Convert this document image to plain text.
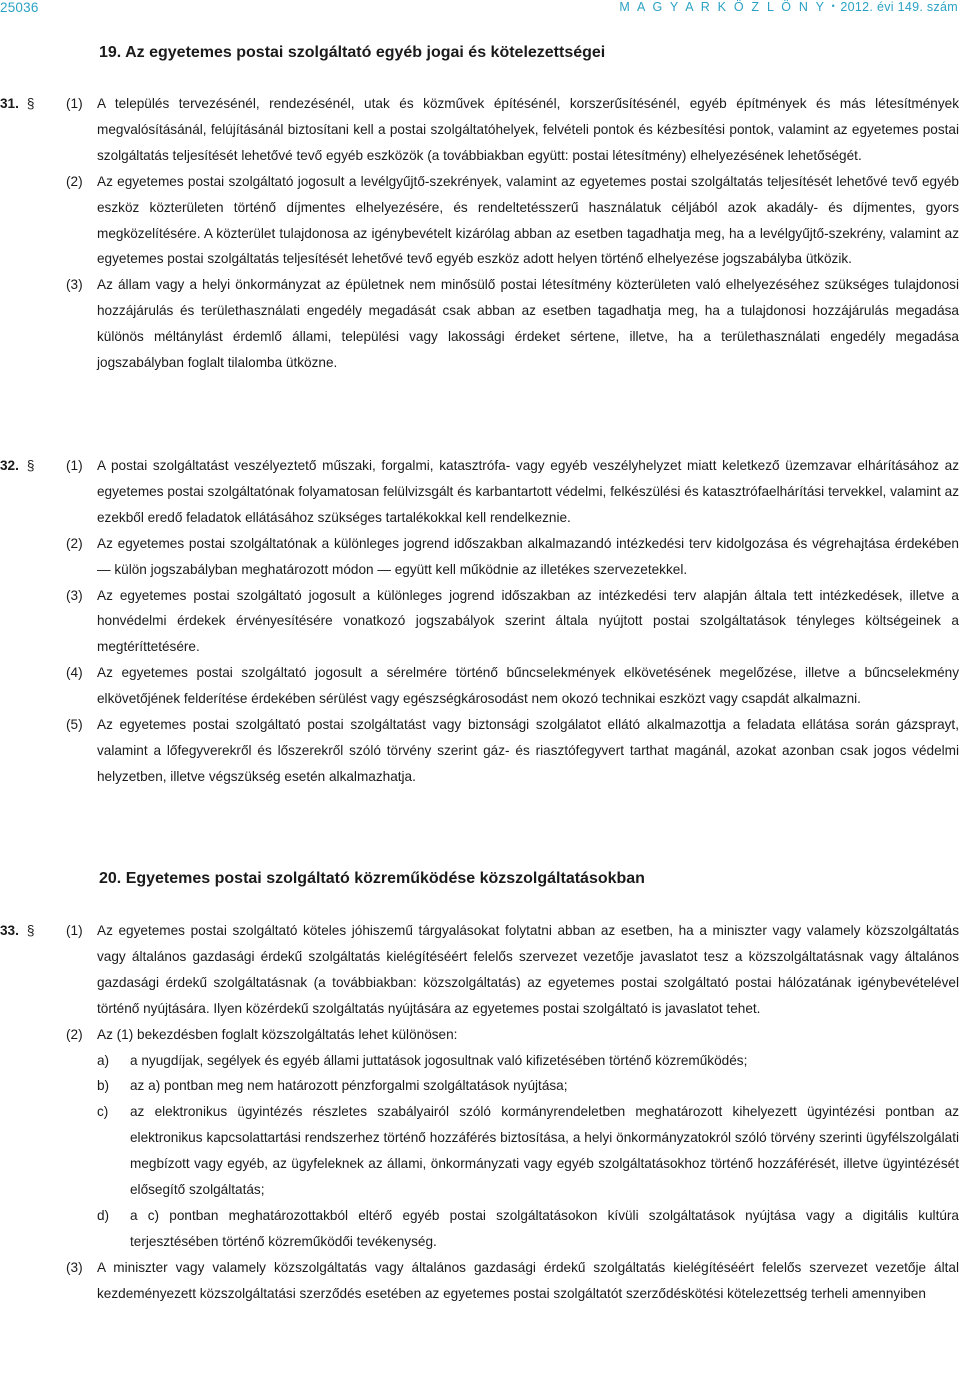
25036	M A G Y A R K Ö Z L Ö N Y • 2012. évi 149. szám
19. Az egyetemes postai szolgáltató egyéb jogai és kötelezettségei
31. § (1) A település tervezésénél, rendezésénél, utak és közművek építésénél, korszerűsítésénél, egyéb építmények és más létesítmények megvalósításánál, felújításánál biztosítani kell a postai szolgáltatóhelyek, felvételi pontok és kézbesítési pontok, valamint az egyetemes postai szolgáltatás teljesítését lehetővé tevő egyéb eszközök (a továbbiakban együtt: postai létesítmény) elhelyezésének lehetőségét.
(2) Az egyetemes postai szolgáltató jogosult a levélgyűjtő-szekrények, valamint az egyetemes postai szolgáltatás teljesítését lehetővé tevő egyéb eszköz közterületen történő díjmentes elhelyezésére, és rendeltetésszerű használatuk céljából azok akadály- és díjmentes, gyors megközelítésére. A közterület tulajdonosa az igénybevételt kizárólag abban az esetben tagadhatja meg, ha a levélgyűjtő-szekrény, valamint az egyetemes postai szolgáltatás teljesítését lehetővé tevő egyéb eszköz adott helyen történő elhelyezése jogszabályba ütközik.
(3) Az állam vagy a helyi önkormányzat az épületnek nem minősülő postai létesítmény közterületen való elhelyezéséhez szükséges tulajdonosi hozzájárulás és területhasználati engedély megadását csak abban az esetben tagadhatja meg, ha a tulajdonosi hozzájárulás megadása különös méltánylást érdemlő állami, települési vagy lakossági érdeket sértene, illetve, ha a területhasználati engedély megadása jogszabályban foglalt tilalomba ütközne.
32. § (1) A postai szolgáltatást veszélyeztető műszaki, forgalmi, katasztrófa- vagy egyéb veszélyhelyzet miatt keletkező üzemzavar elhárításához az egyetemes postai szolgáltatónak folyamatosan felülvizsgált és karbantartott védelmi, felkészülési és katasztrófaelhárítási tervekkel, valamint az ezekből eredő feladatok ellátásához szükséges tartalékokkal kell rendelkeznie.
(2) Az egyetemes postai szolgáltatónak a különleges jogrend időszakban alkalmazandó intézkedési terv kidolgozása és végrehajtása érdekében — külön jogszabályban meghatározott módon — együtt kell működnie az illetékes szervezetekkel.
(3) Az egyetemes postai szolgáltató jogosult a különleges jogrend időszakban az intézkedési terv alapján általa tett intézkedések, illetve a honvédelmi érdekek érvényesítésére vonatkozó jogszabályok szerint általa nyújtott postai szolgáltatások tényleges költségeinek a megtéríttetésére.
(4) Az egyetemes postai szolgáltató jogosult a sérelmére történő bűncselekmények elkövetésének megelőzése, illetve a bűncselekmény elkövetőjének felderítése érdekében sérülést vagy egészségkárosodást nem okozó technikai eszközt vagy csapdát alkalmazni.
(5) Az egyetemes postai szolgáltató postai szolgáltatást vagy biztonsági szolgálatot ellátó alkalmazottja a feladata ellátása során gázsprayt, valamint a lőfegyverekről és lőszerekről szóló törvény szerint gáz- és riasztófegyvert tarthat magánál, azokat azonban csak jogos védelmi helyzetben, illetve végszükség esetén alkalmazhatja.
20. Egyetemes postai szolgáltató közreműködése közszolgáltatásokban
33. § (1) Az egyetemes postai szolgáltató köteles jóhiszemű tárgyalásokat folytatni abban az esetben, ha a miniszter vagy valamely közszolgáltatás vagy általános gazdasági érdekű szolgáltatás kielégítéséért felelős szervezet vezetője javaslatot tesz a közszolgáltatásnak vagy általános gazdasági érdekű szolgáltatásnak (a továbbiakban: közszolgáltatás) az egyetemes postai szolgáltató postai hálózatának igénybevételével történő nyújtására. Ilyen közérdekű szolgáltatás nyújtására az egyetemes postai szolgáltató is javaslatot tehet.
(2) Az (1) bekezdésben foglalt közszolgáltatás lehet különösen:
a) a nyugdíjak, segélyek és egyéb állami juttatások jogosultnak való kifizetésében történő közreműködés;
b) az a) pontban meg nem határozott pénzforgalmi szolgáltatások nyújtása;
c) az elektronikus ügyintézés részletes szabályairól szóló kormányrendeletben meghatározott kihelyezett ügyintézési pontban az elektronikus kapcsolattartási rendszerhez történő hozzáférés biztosítása, a helyi önkormányzatokról szóló törvény szerinti ügyfélszolgálati megbízott vagy egyéb, az ügyfeleknek az állami, önkormányzati vagy egyéb szolgáltatásokhoz történő hozzáférését, illetve ügyintézését elősegítő szolgáltatás;
d) a c) pontban meghatározottakból eltérő egyéb postai szolgáltatásokon kívüli szolgáltatások nyújtása vagy a digitális kultúra terjesztésében történő közreműködői tevékenység.
(3) A miniszter vagy valamely közszolgáltatás vagy általános gazdasági érdekű szolgáltatás kielégítéséért felelős szervezet vezetője által kezdeményezett közszolgáltatási szerződés esetében az egyetemes postai szolgáltatót szerződéskötési kötelezettség terheli amennyiben
